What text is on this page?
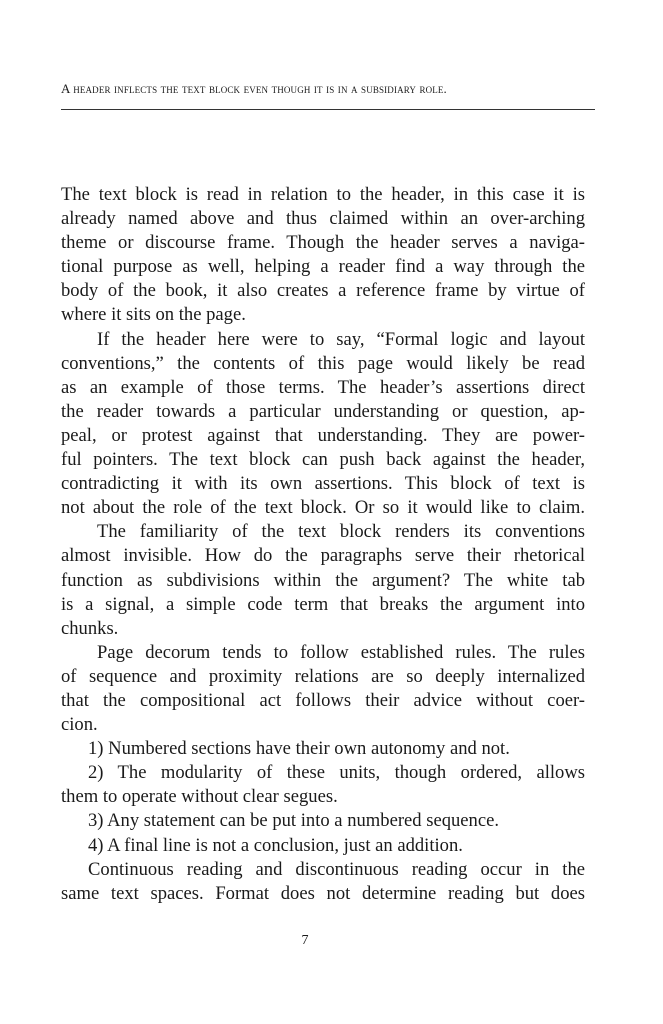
A header inflects the text block even though it is in a subsidiary role.
The text block is read in relation to the header, in this case it is
already named above and thus claimed within an over-arching
theme or discourse frame. Though the header serves a naviga-
tional purpose as well, helping a reader find a way through the
body of the book, it also creates a reference frame by virtue of
where it sits on the page.
If the header here were to say, “Formal logic and layout
conventions,” the contents of this page would likely be read
as an example of those terms. The header’s assertions direct
the reader towards a particular understanding or question, ap-
peal, or protest against that understanding. They are power-
ful pointers. The text block can push back against the header,
contradicting it with its own assertions. This block of text is
not about the role of the text block. Or so it would like to claim.
The familiarity of the text block renders its conventions
almost invisible. How do the paragraphs serve their rhetorical
function as subdivisions within the argument? The white tab
is a signal, a simple code term that breaks the argument into
chunks.
Page decorum tends to follow established rules. The rules
of sequence and proximity relations are so deeply internalized
that the compositional act follows their advice without coer-
cion.
1) Numbered sections have their own autonomy and not.
2) The modularity of these units, though ordered, allows
them to operate without clear segues.
3) Any statement can be put into a numbered sequence.
4) A final line is not a conclusion, just an addition.
Continuous reading and discontinuous reading occur in the
same text spaces. Format does not determine reading but does
7
